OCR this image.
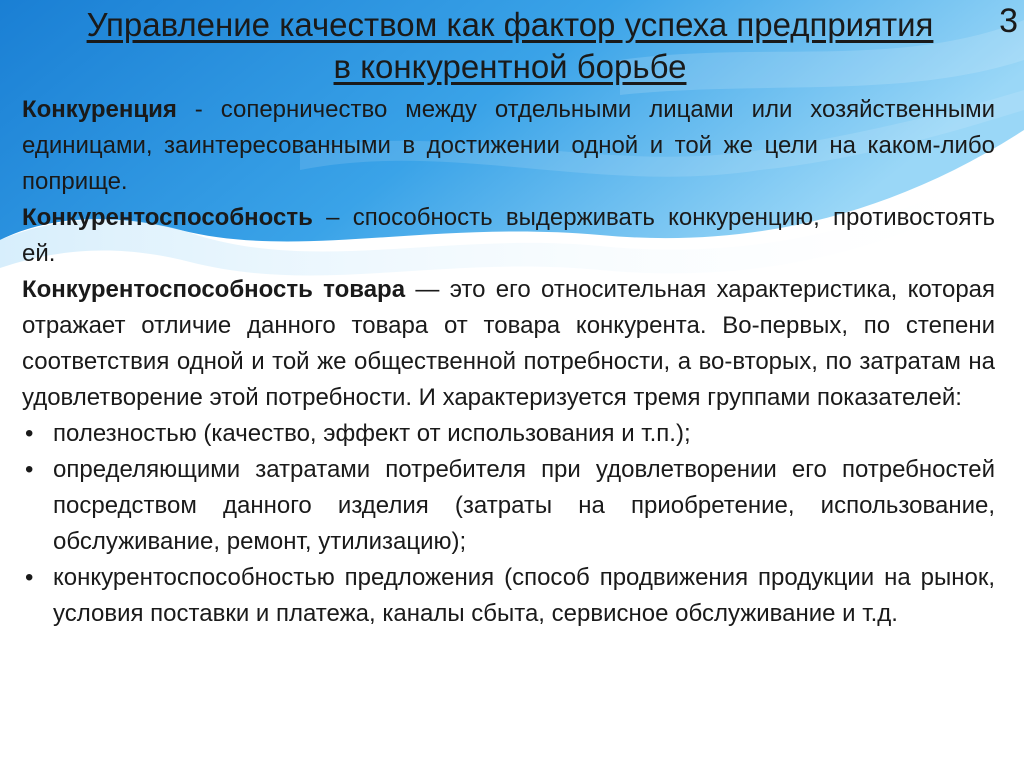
Управление качеством как фактор успеха предприятия
в конкурентной борьбе
3

Конкуренция - соперничество между отдельными лицами или хозяйственными единицами, заинтересованными в достижении одной и той же цели на каком-либо поприще.

Конкурентоспособность – способность выдерживать конкуренцию, противостоять ей.

Конкурентоспособность товара — это его относительная характеристика, которая отражает отличие данного товара от товара конкурента. Во-первых, по степени соответствия одной и той же общественной потребности, а во-вторых, по затратам на удовлетворение этой потребности. И характеризуется тремя группами показателей:

• полезностью (качество, эффект от использования и т.п.);
• определяющими затратами потребителя при удовлетворении его потребностей посредством данного изделия (затраты на приобретение, использование, обслуживание, ремонт, утилизацию);
• конкурентоспособностью предложения (способ продвижения продукции на рынок, условия поставки и платежа, каналы сбыта, сервисное обслуживание и т.д.
